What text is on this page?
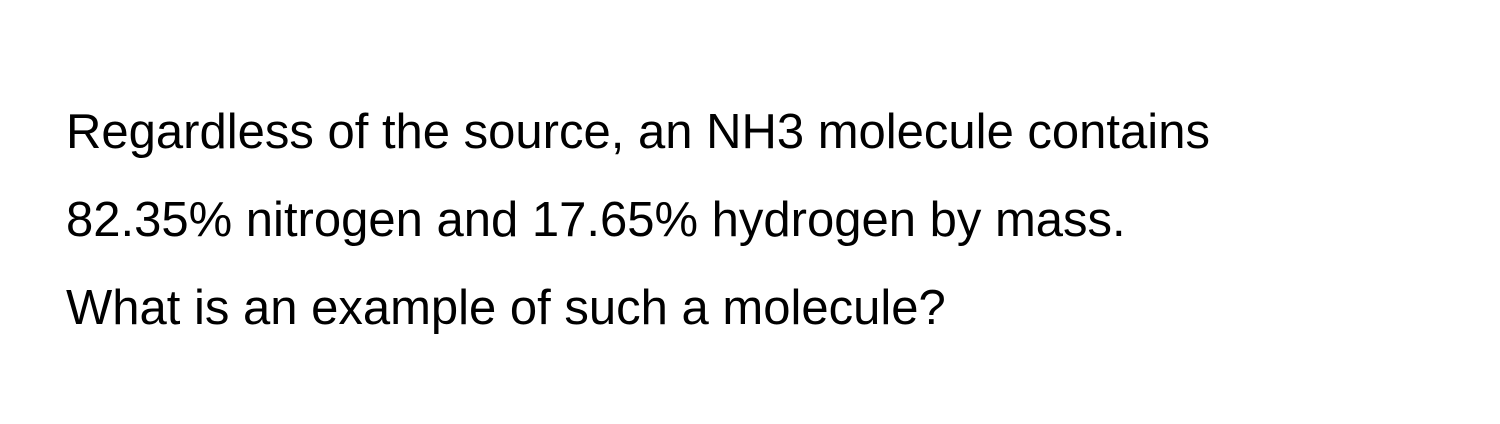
Regardless of the source, an NH3 molecule contains
82.35% nitrogen and 17.65% hydrogen by mass.
What is an example of such a molecule?
